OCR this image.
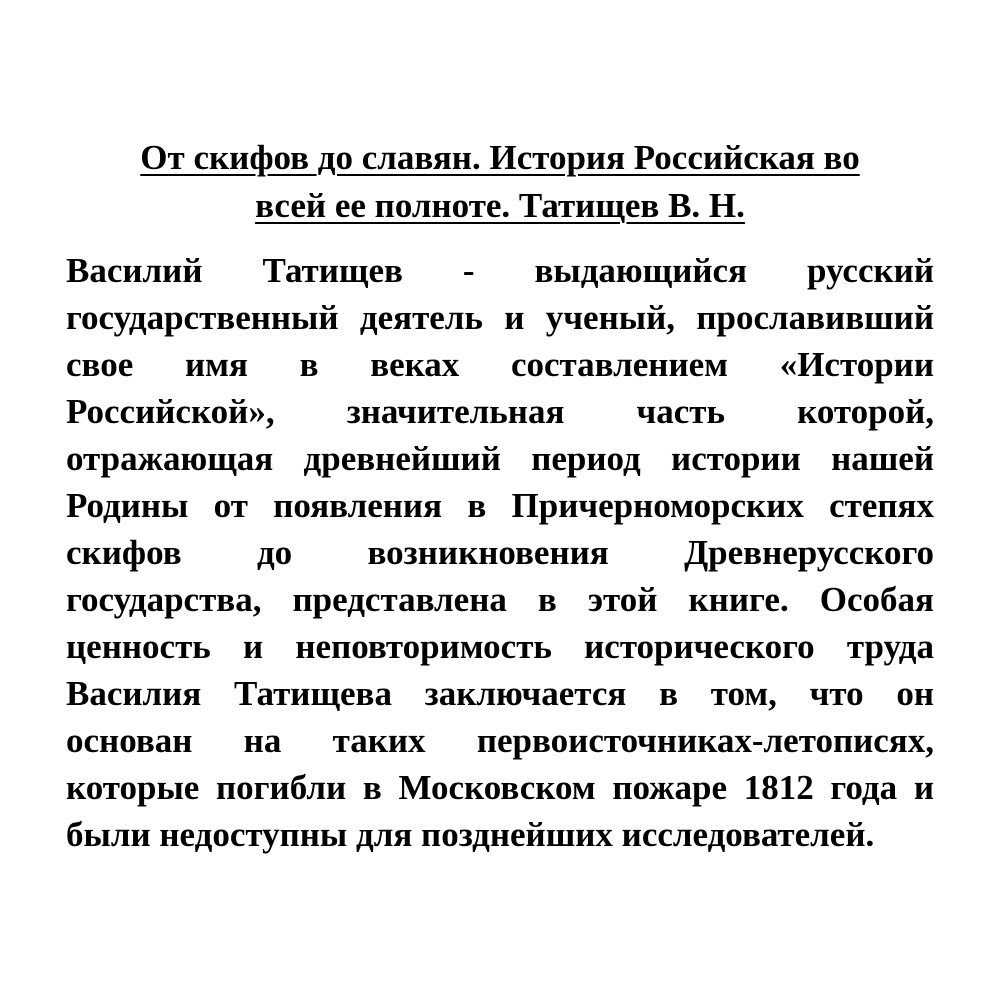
От скифов до славян. История Российская во
всей ее полноте. Татищев В. Н.

Василий Татищев - выдающийся русский
государственный деятель и ученый, прославивший
свое имя в веках составлением «Истории
Российской», значительная часть которой,
отражающая древнейший период истории нашей
Родины от появления в Причерноморских степях
скифов до возникновения Древнерусского
государства, представлена в этой книге. Особая
ценность и неповторимость исторического труда
Василия Татищева заключается в том, что он
основан на таких первоисточниках-летописях,
которые погибли в Московском пожаре 1812 года и
были недоступны для позднейших исследователей.
